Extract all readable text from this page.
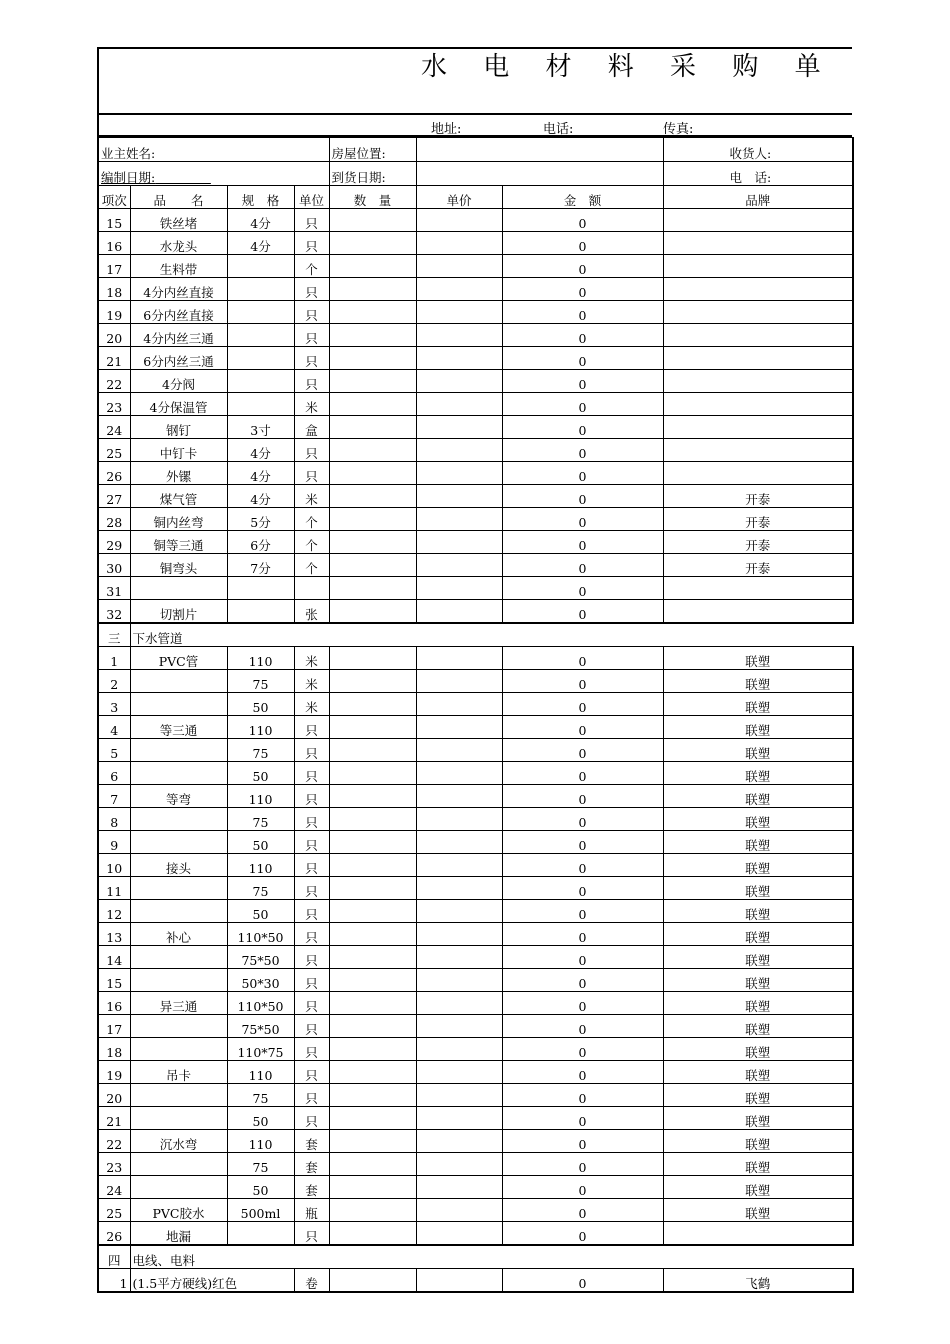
水 电 材 料 采 购 单
地址:	电话:	传真:
业主姓名:				房屋位置:			收货人:
编制日期:				到货日期:			电　话:
项次	品　　名	规　格	单位	数　量	单价	金　额	品牌
15	铁丝堵	4分	只			0	
16	水龙头	4分	只			0	
17	生料带		个			0	
18	4分内丝直接		只			0	
19	6分内丝直接		只			0	
20	4分内丝三通		只			0	
21	6分内丝三通		只			0	
22	4分阀		只			0	
23	4分保温管		米			0	
24	钢钉	3寸	盒			0	
25	中钉卡	4分	只			0	
26	外镙	4分	只			0	
27	煤气管	4分	米			0	开泰
28	铜内丝弯	5分	个			0	开泰
29	铜等三通	6分	个			0	开泰
30	铜弯头	7分	个			0	开泰
31						0	
32	切割片		张			0	
三	下水管道						
1	PVC管	110	米			0	联塑
2		75	米			0	联塑
3		50	米			0	联塑
4	等三通	110	只			0	联塑
5		75	只			0	联塑
6		50	只			0	联塑
7	等弯	110	只			0	联塑
8		75	只			0	联塑
9		50	只			0	联塑
10	接头	110	只			0	联塑
11		75	只			0	联塑
12		50	只			0	联塑
13	补心	110*50	只			0	联塑
14		75*50	只			0	联塑
15		50*30	只			0	联塑
16	异三通	110*50	只			0	联塑
17		75*50	只			0	联塑
18		110*75	只			0	联塑
19	吊卡	110	只			0	联塑
20		75	只			0	联塑
21		50	只			0	联塑
22	沉水弯	110	套			0	联塑
23		75	套			0	联塑
24		50	套			0	联塑
25	PVC胶水	500ml	瓶			0	联塑
26	地漏		只			0	
四	电线、电料						
1	(1.5平方硬线)红色		卷			0	飞鹤
